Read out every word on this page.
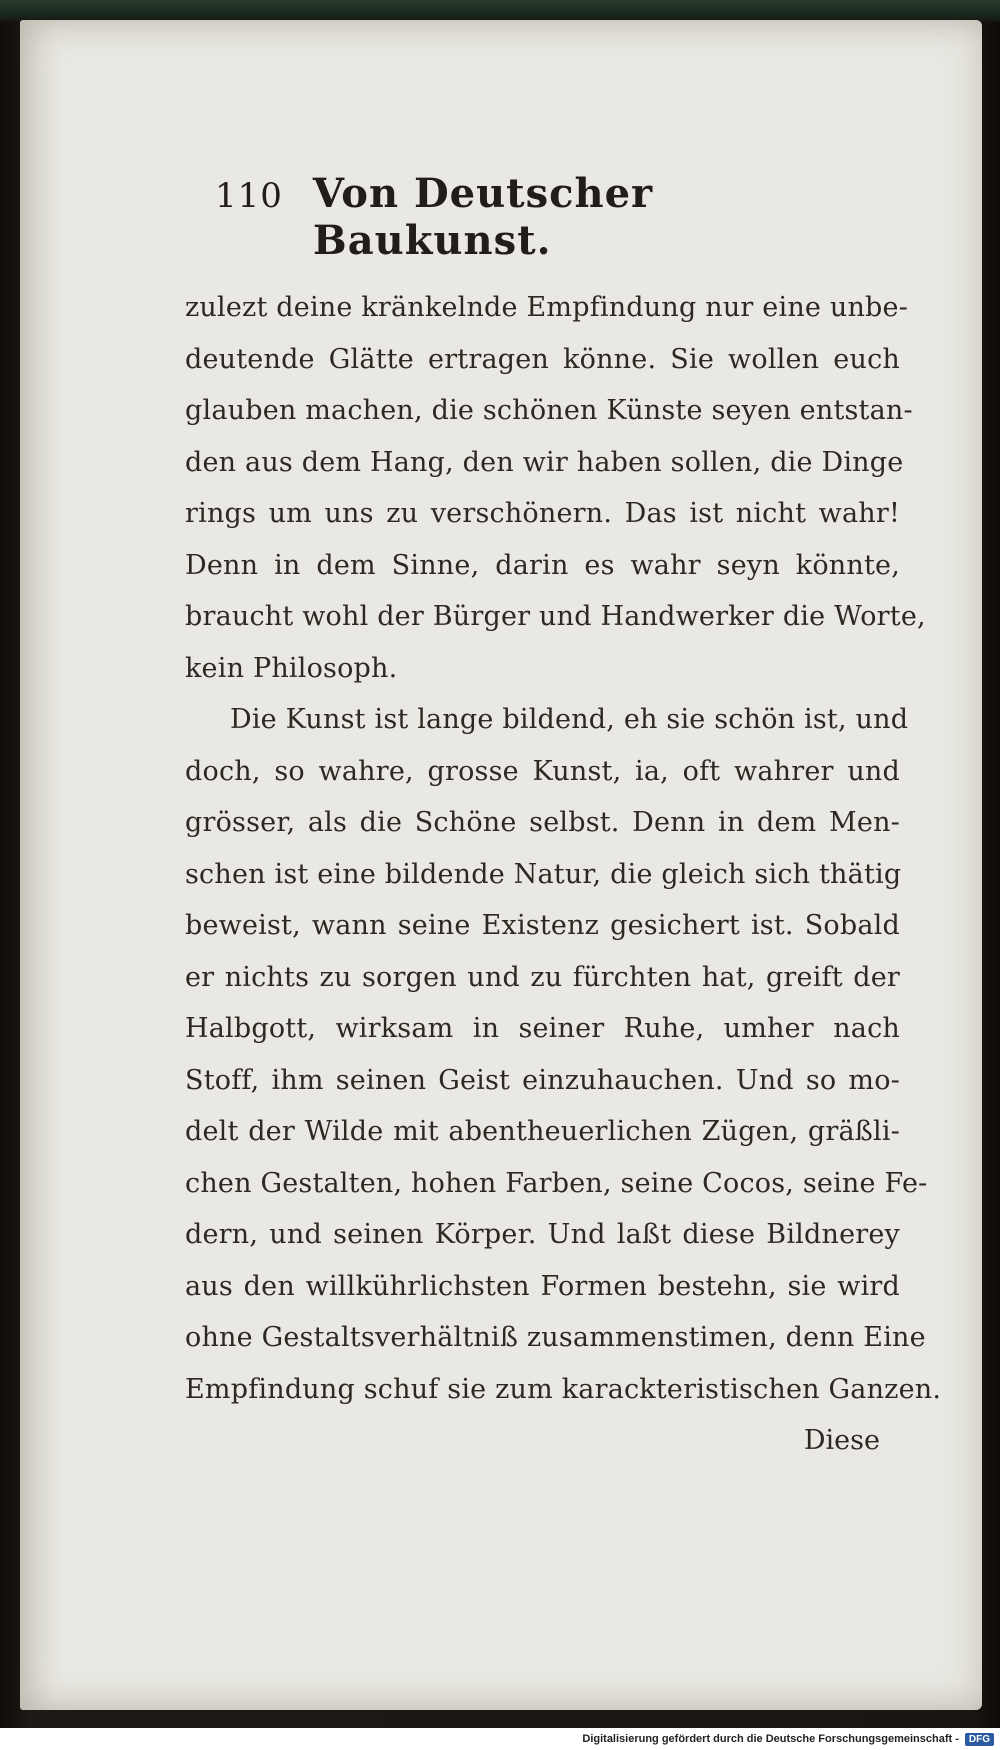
110 Von Deutscher Baukunst.
zulezt deine kränkelnde Empfindung nur eine unbe-
deutende Glätte ertragen könne. Sie wollen euch
glauben machen, die schönen Künste seyen entstan-
den aus dem Hang, den wir haben sollen, die Dinge
rings um uns zu verschönern. Das ist nicht wahr!
Denn in dem Sinne, darin es wahr seyn könnte,
braucht wohl der Bürger und Handwerker die Worte,
kein Philosoph.
Die Kunst ist lange bildend, eh sie schön ist, und
doch, so wahre, grosse Kunst, ia, oft wahrer und
grösser, als die Schöne selbst. Denn in dem Men-
schen ist eine bildende Natur, die gleich sich thätig
beweist, wann seine Existenz gesichert ist. Sobald
er nichts zu sorgen und zu fürchten hat, greift der
Halbgott, wirksam in seiner Ruhe, umher nach
Stoff, ihm seinen Geist einzuhauchen. Und so mo-
delt der Wilde mit abentheuerlichen Zügen, gräßli-
chen Gestalten, hohen Farben, seine Cocos, seine Fe-
dern, und seinen Körper. Und laßt diese Bildnerey
aus den willkührlichsten Formen bestehn, sie wird
ohne Gestaltsverhältniß zusammenstimen, denn Eine
Empfindung schuf sie zum karackteristischen Ganzen.
Diese
Digitalisierung gefördert durch die Deutsche Forschungsgemeinschaft -	DFG
